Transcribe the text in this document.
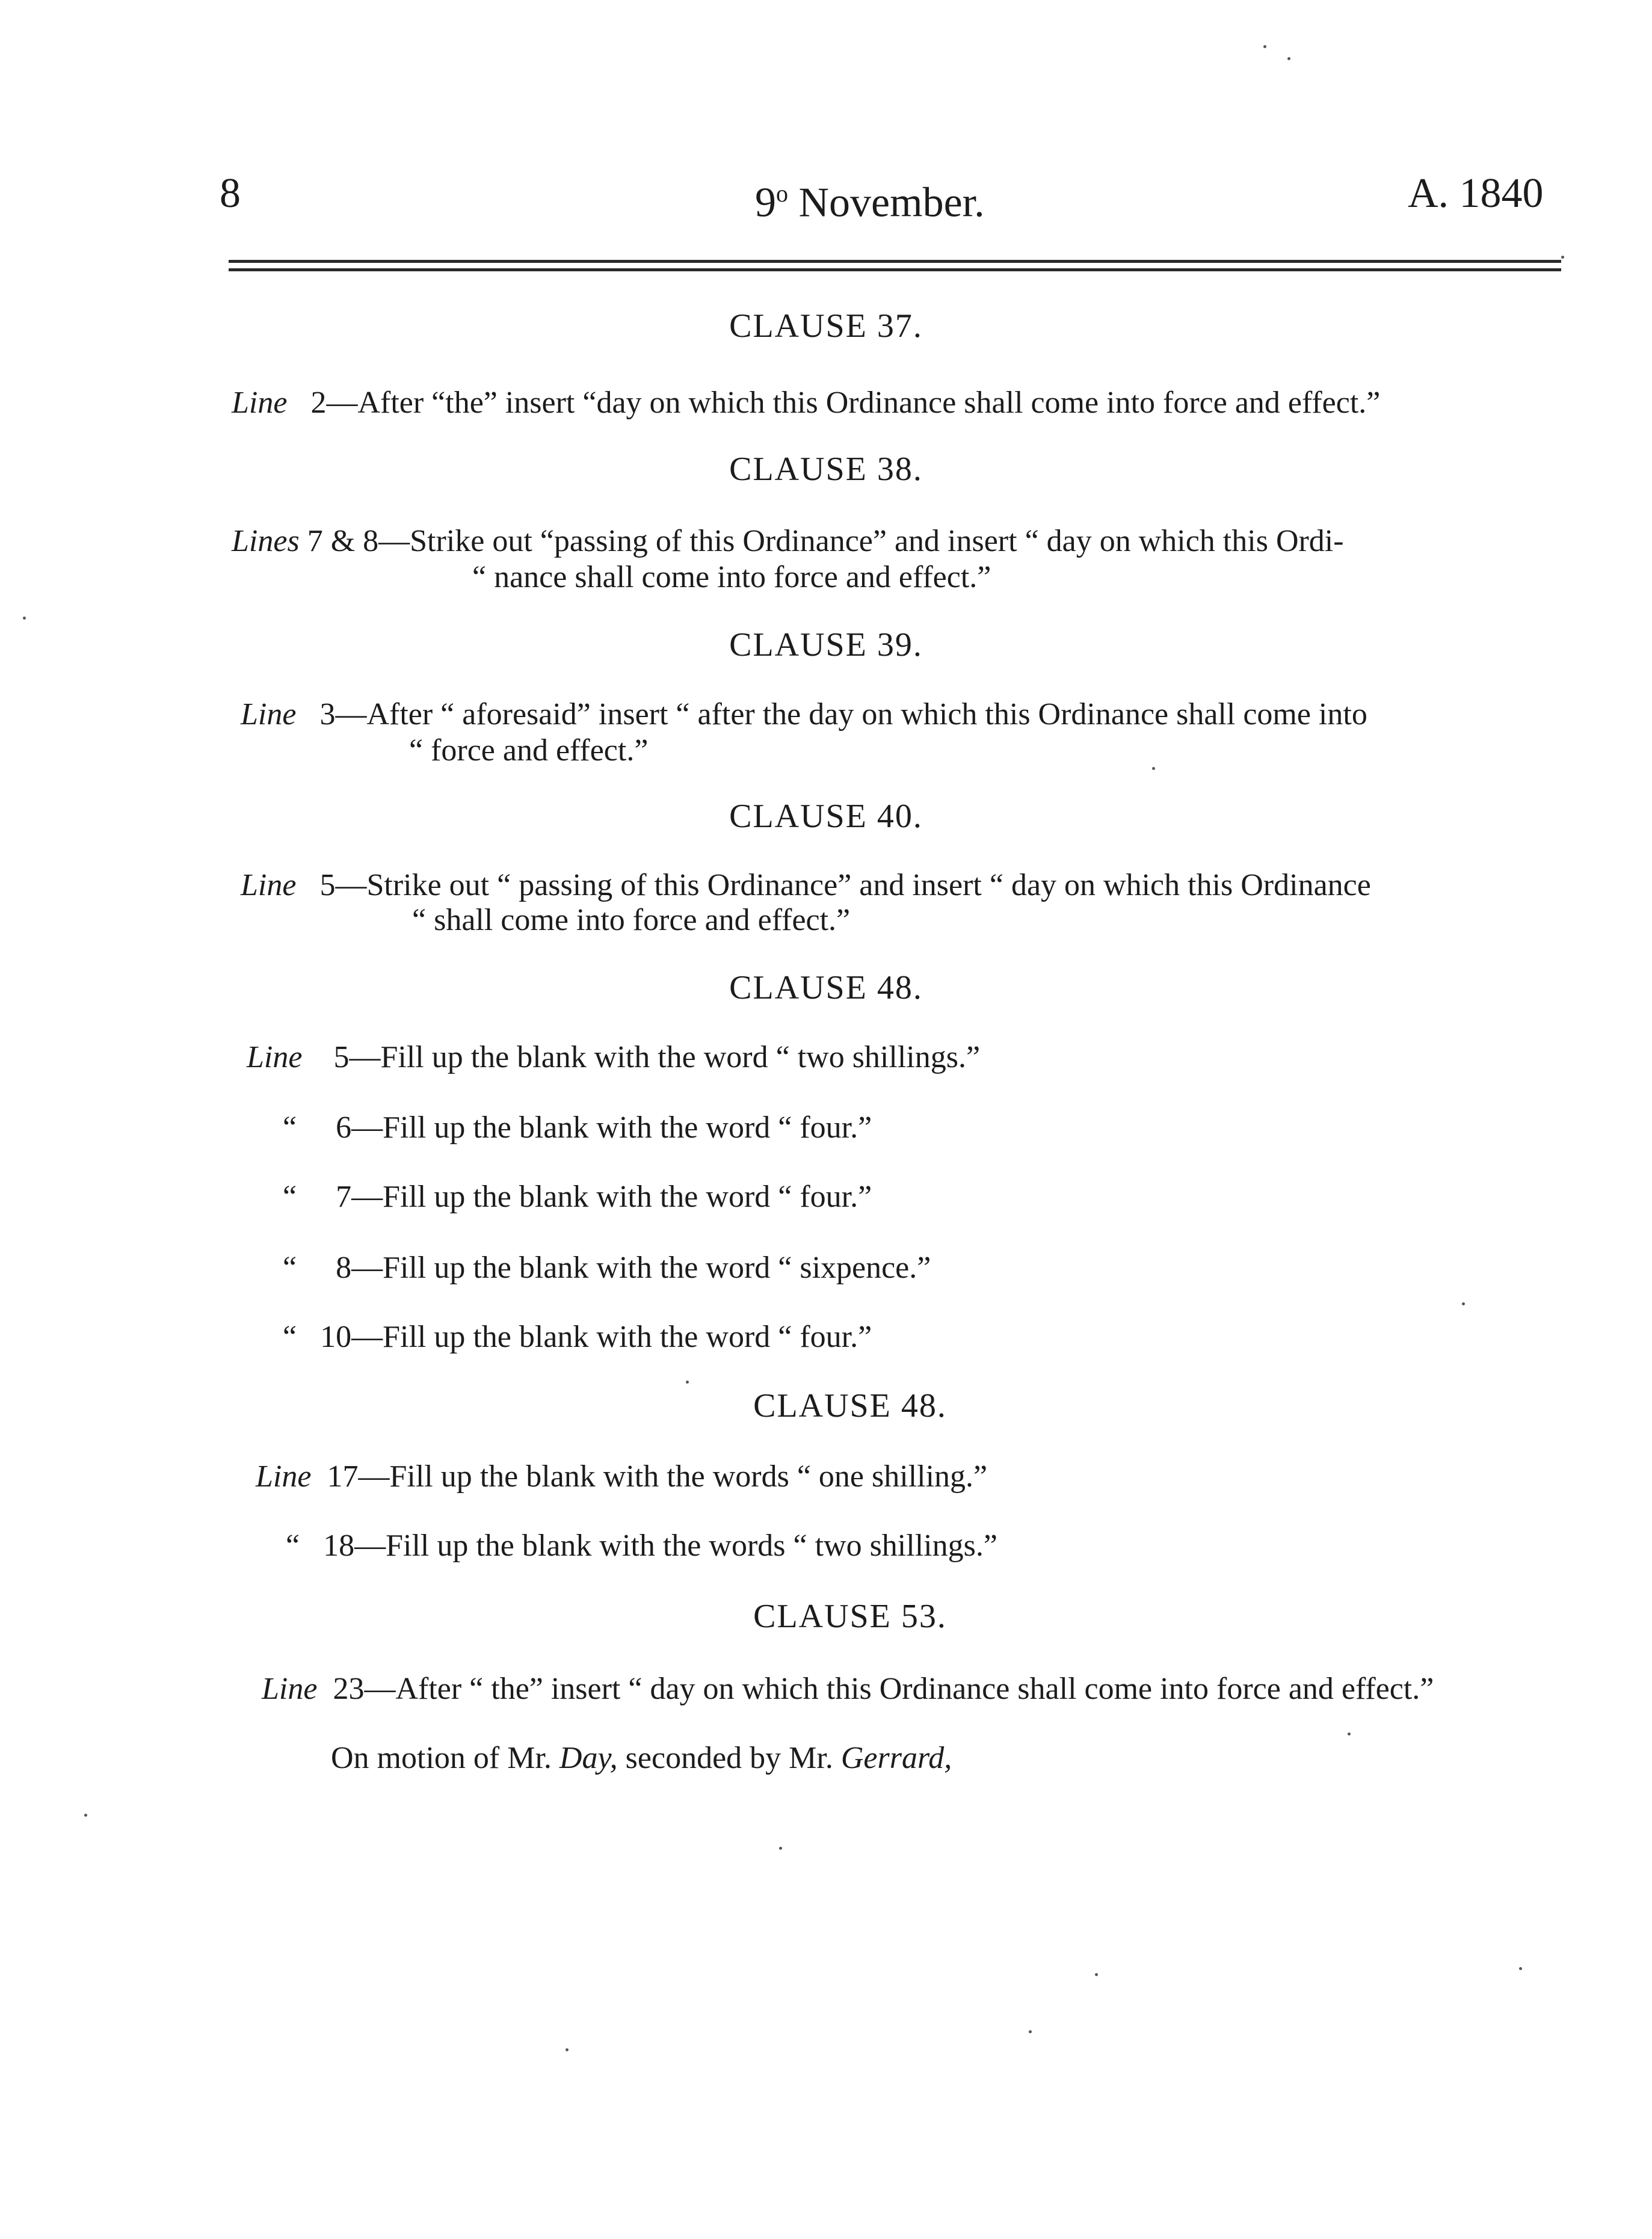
8	9$^o$ November.	A. 1840
CLAUSE 37.
Line 2—After “the” insert “day on which this Ordinance shall come into force and effect.”
CLAUSE 38.
Lines 7 & 8—Strike out “passing of this Ordinance” and insert “ day on which this Ordi-
“ nance shall come into force and effect.”
CLAUSE 39.
Line 3—After “ aforesaid” insert “ after the day on which this Ordinance shall come into
“ force and effect.”
CLAUSE 40.
Line 5—Strike out “ passing of this Ordinance” and insert “ day on which this Ordinance
“ shall come into force and effect.”
CLAUSE 48.
Line 5—Fill up the blank with the word “ two shillings.”
“ 6—Fill up the blank with the word “ four.”
“ 7—Fill up the blank with the word “ four.”
“ 8—Fill up the blank with the word “ sixpence.”
“ 10—Fill up the blank with the word “ four.”
CLAUSE 48.
Line 17—Fill up the blank with the words “ one shilling.”
“ 18—Fill up the blank with the words “ two shillings.”
CLAUSE 53.
Line 23—After “ the” insert “ day on which this Ordinance shall come into force and effect.”
On motion of Mr. Day, seconded by Mr. Gerrard,
